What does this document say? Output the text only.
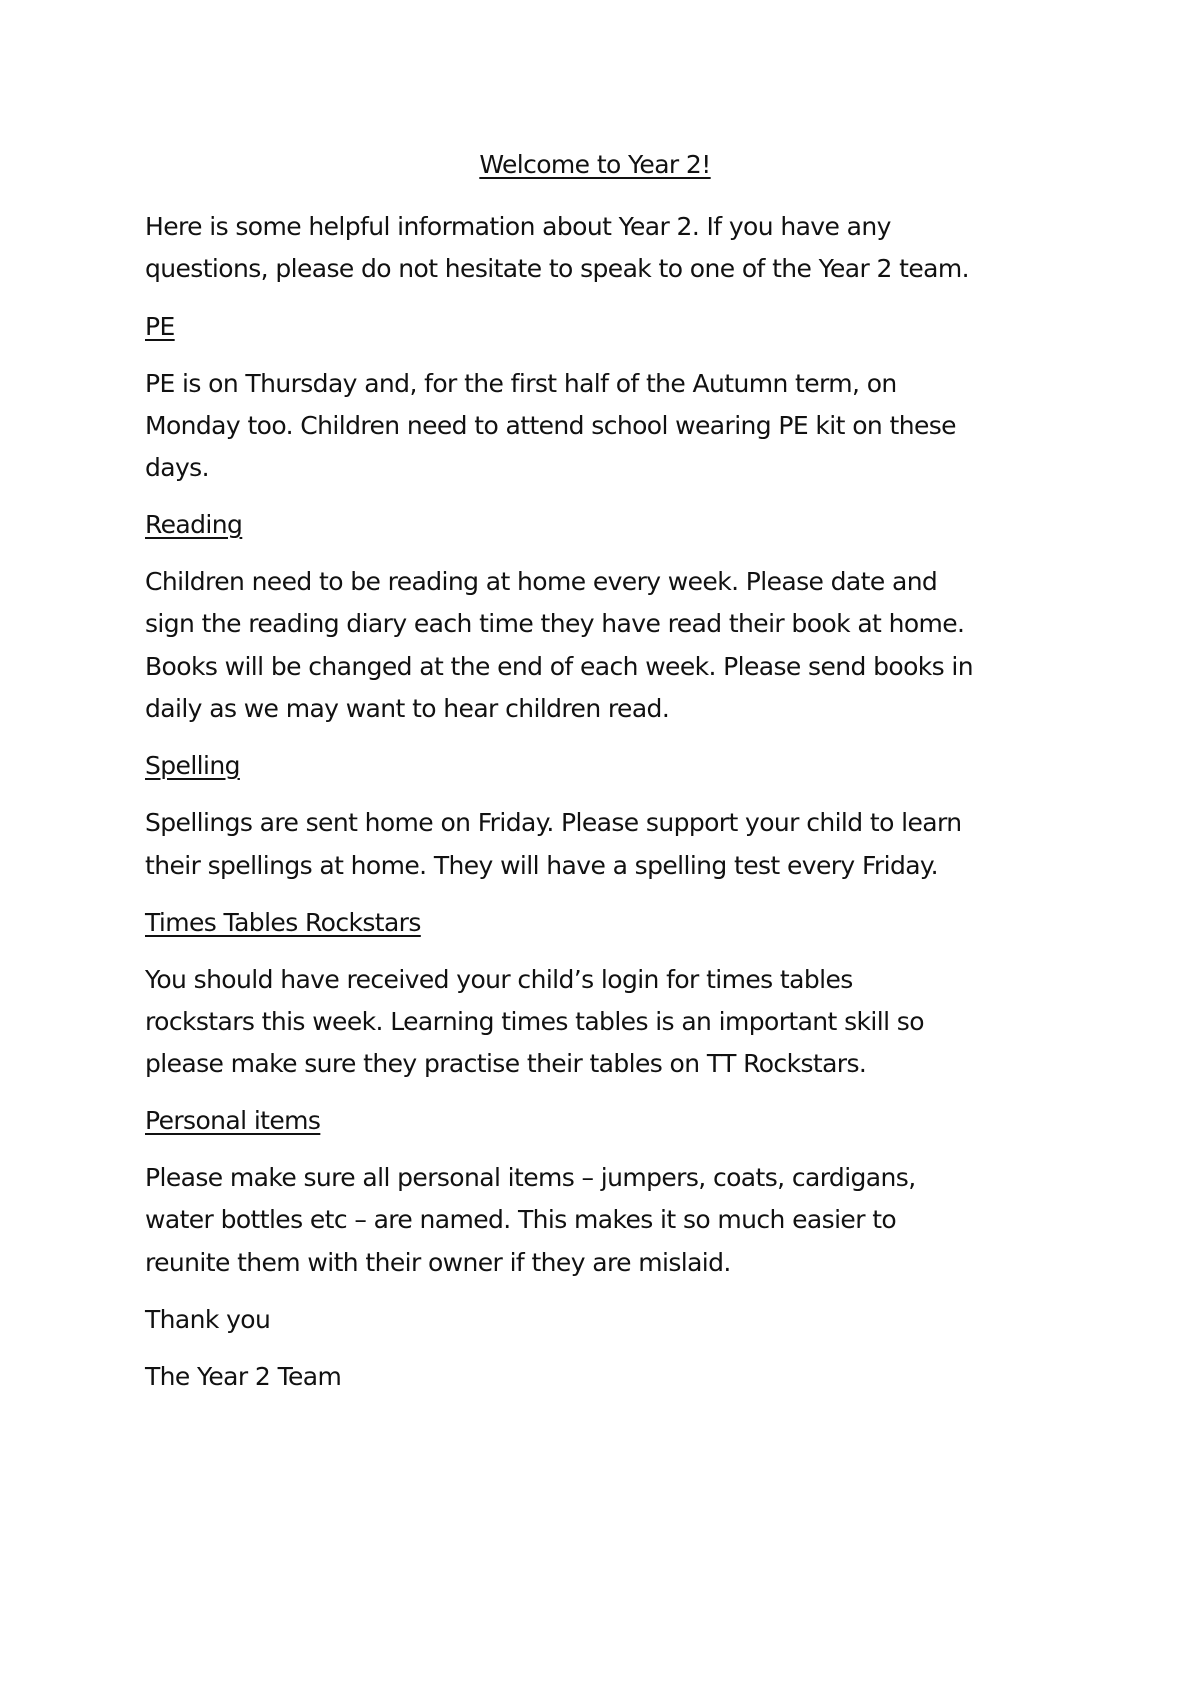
Welcome to Year 2!
Here is some helpful information about Year 2. If you have any
questions, please do not hesitate to speak to one of the Year 2 team.
PE
PE is on Thursday and, for the first half of the Autumn term, on
Monday too. Children need to attend school wearing PE kit on these
days.
Reading
Children need to be reading at home every week. Please date and
sign the reading diary each time they have read their book at home.
Books will be changed at the end of each week. Please send books in
daily as we may want to hear children read.
Spelling
Spellings are sent home on Friday. Please support your child to learn
their spellings at home. They will have a spelling test every Friday.
Times Tables Rockstars
You should have received your child’s login for times tables
rockstars this week. Learning times tables is an important skill so
please make sure they practise their tables on TT Rockstars.
Personal items
Please make sure all personal items – jumpers, coats, cardigans,
water bottles etc – are named. This makes it so much easier to
reunite them with their owner if they are mislaid.
Thank you
The Year 2 Team
